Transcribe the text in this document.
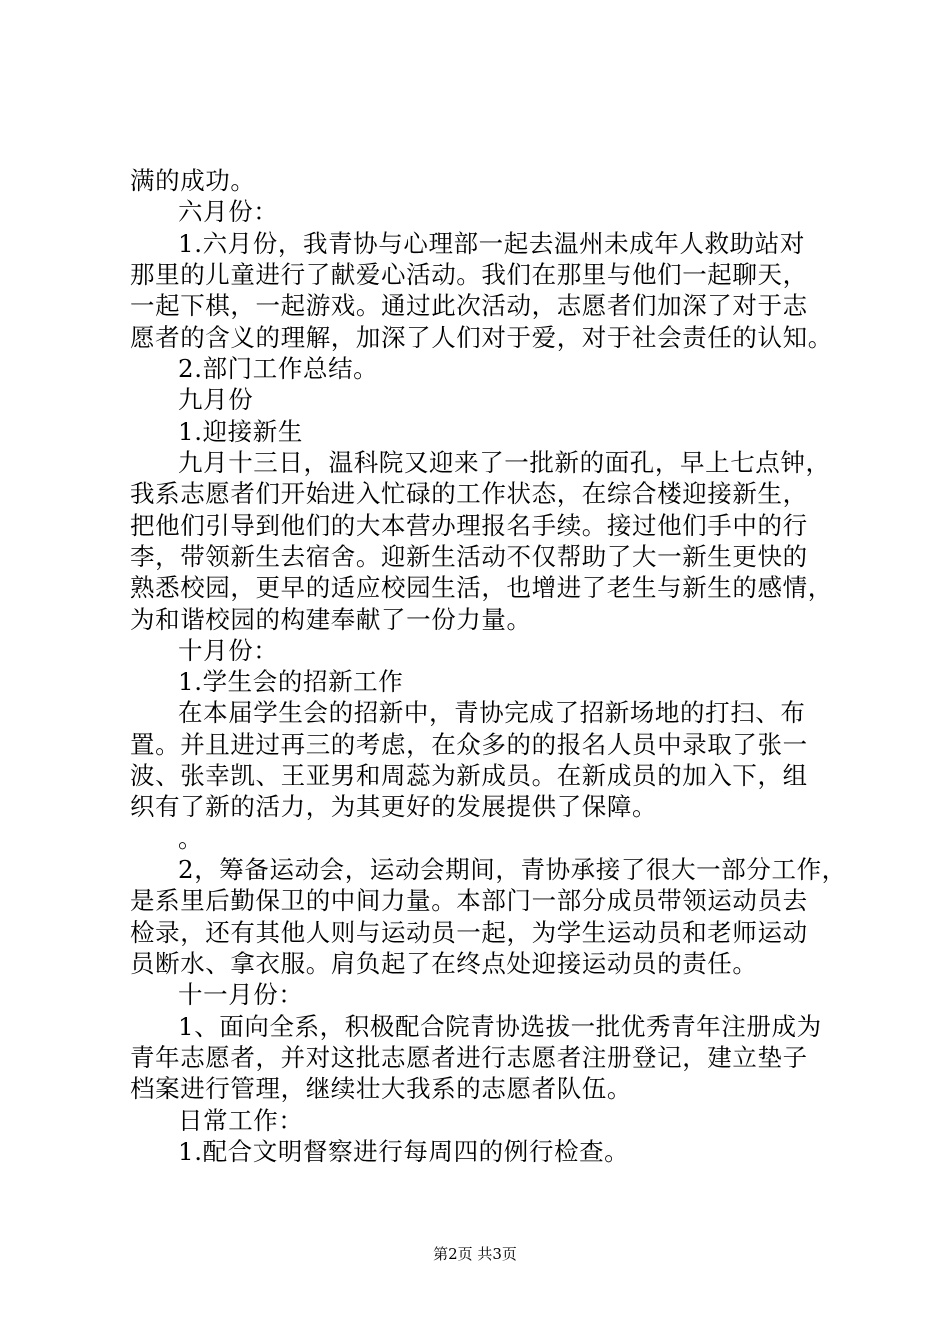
满的成功。
六月份：
1.六月份，我青协与心理部一起去温州未成年人救助站对
那里的儿童进行了献爱心活动。我们在那里与他们一起聊天，
一起下棋，一起游戏。通过此次活动，志愿者们加深了对于志
愿者的含义的理解，加深了人们对于爱，对于社会责任的认知。
2.部门工作总结。
九月份
1.迎接新生
九月十三日，温科院又迎来了一批新的面孔，早上七点钟，
我系志愿者们开始进入忙碌的工作状态，在综合楼迎接新生，
把他们引导到他们的大本营办理报名手续。接过他们手中的行
李，带领新生去宿舍。迎新生活动不仅帮助了大一新生更快的
熟悉校园，更早的适应校园生活，也增进了老生与新生的感情，
为和谐校园的构建奉献了一份力量。
十月份：
1.学生会的招新工作
在本届学生会的招新中，青协完成了招新场地的打扫、布
置。并且进过再三的考虑，在众多的的报名人员中录取了张一
波、张幸凯、王亚男和周蕊为新成员。在新成员的加入下，组
织有了新的活力，为其更好的发展提供了保障。
。
2，筹备运动会，运动会期间，青协承接了很大一部分工作，
是系里后勤保卫的中间力量。本部门一部分成员带领运动员去
检录，还有其他人则与运动员一起，为学生运动员和老师运动
员断水、拿衣服。肩负起了在终点处迎接运动员的责任。
十一月份：
1、面向全系，积极配合院青协选拔一批优秀青年注册成为
青年志愿者，并对这批志愿者进行志愿者注册登记，建立垫子
档案进行管理，继续壮大我系的志愿者队伍。
日常工作：
1.配合文明督察进行每周四的例行检查。
第2页 共3页
